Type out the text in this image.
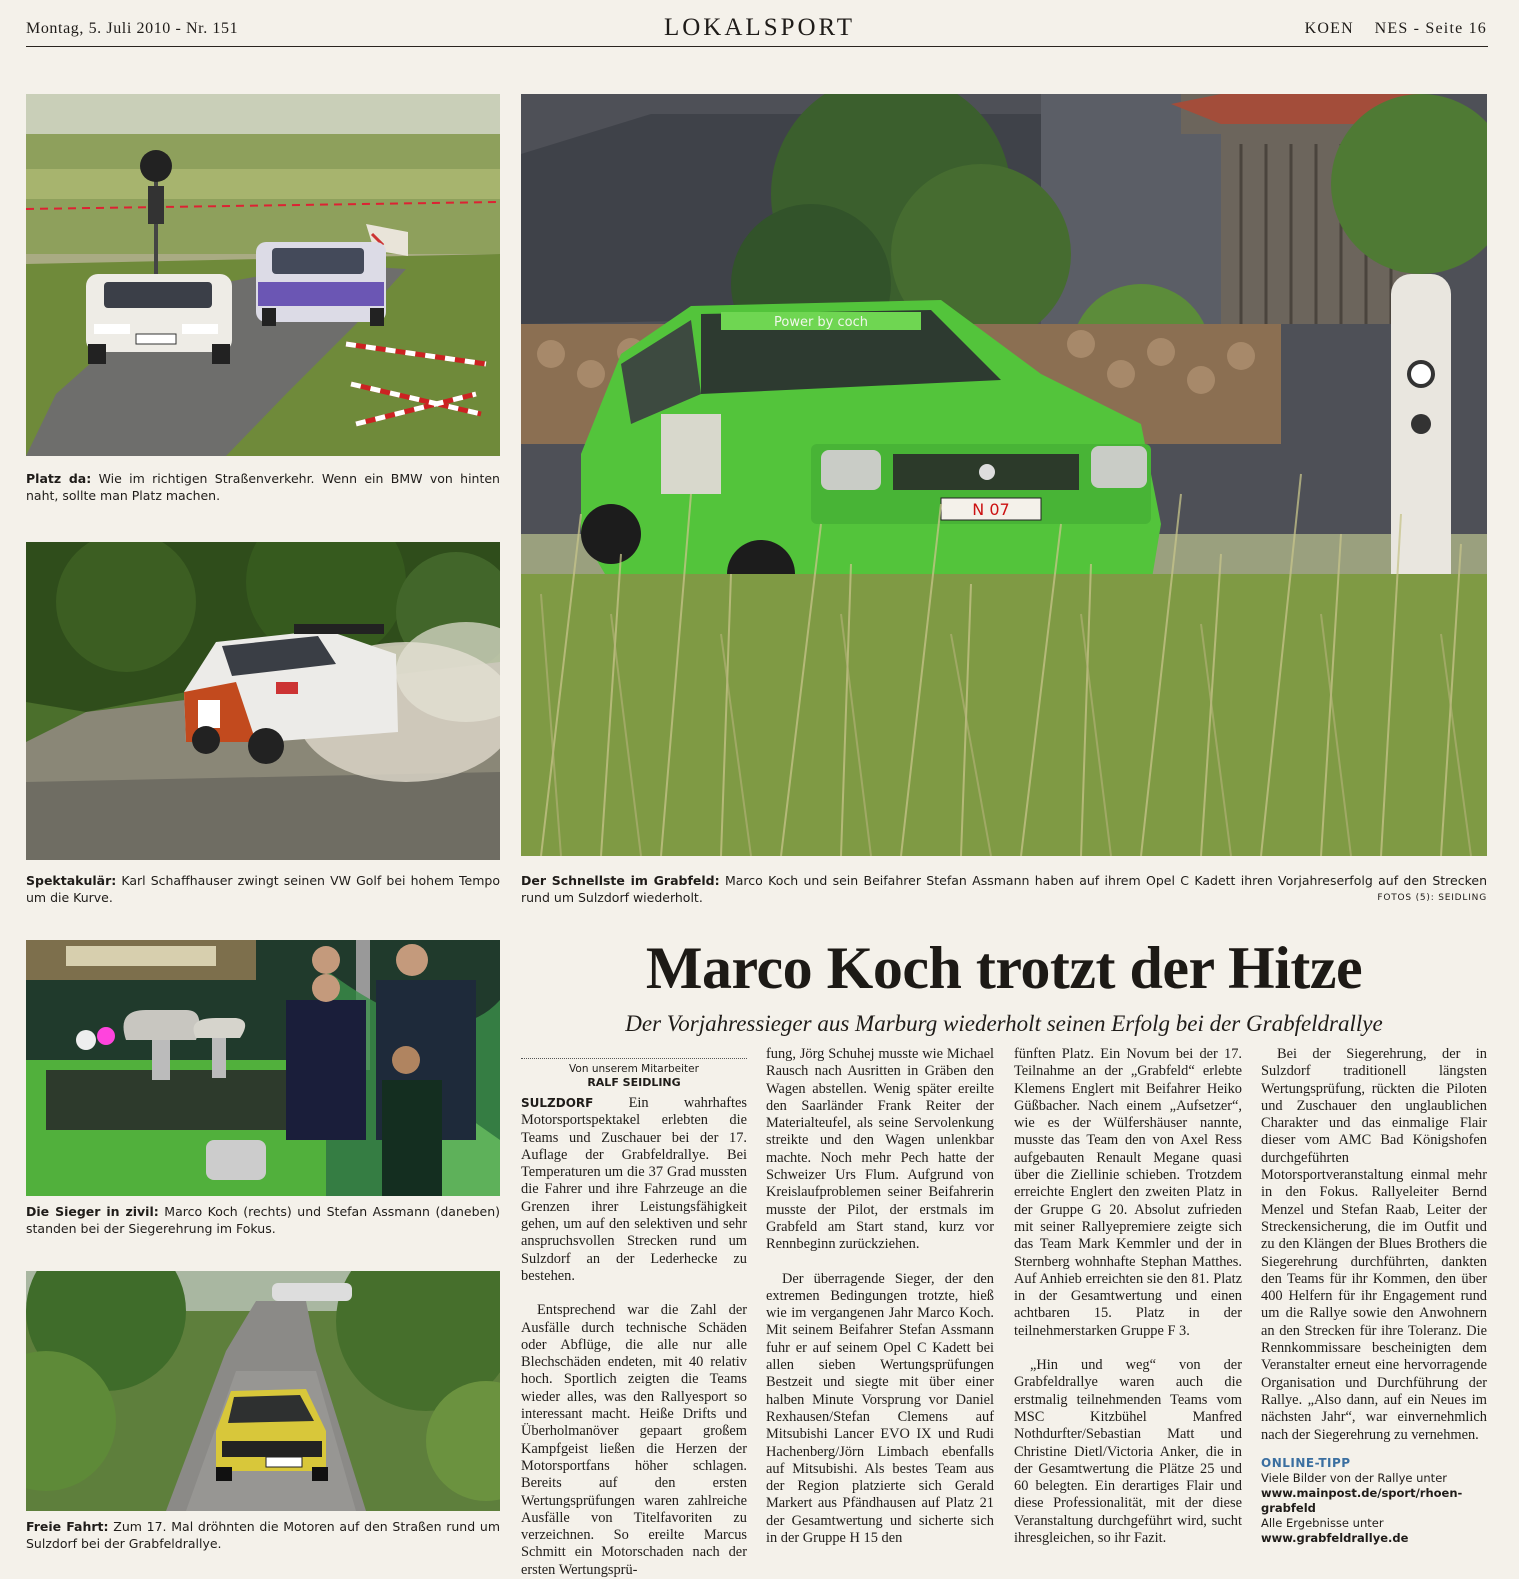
Montag, 5. Juli 2010 - Nr. 151	LOKALSPORT	KOEN    NES - Seite 16
Platz da: Wie im richtigen Straßenverkehr. Wenn ein BMW von hinten naht, sollte man Platz machen.
Spektakulär: Karl Schaffhauser zwingt seinen VW Golf bei hohem Tempo um die Kurve.
Power by coch
N 07
Der Schnellste im Grabfeld: Marco Koch und sein Beifahrer Stefan Assmann haben auf ihrem Opel C Kadett ihren Vorjahreserfolg auf den Strecken rund um Sulzdorf wiederholt.	FOTOS (5): SEIDLING
Die Sieger in zivil: Marco Koch (rechts) und Stefan Assmann (daneben) standen bei der Siegerehrung im Fokus.
Freie Fahrt: Zum 17. Mal dröhnten die Motoren auf den Straßen rund um Sulzdorf bei der Grabfeldrallye.
Marco Koch trotzt der Hitze
Der Vorjahressieger aus Marburg wiederholt seinen Erfolg bei der Grabfeldrallye
Von unserem Mitarbeiter
RALF SEIDLING

SULZDORF Ein wahrhaftes Motorsportspektakel erlebten die Teams und Zuschauer bei der 17. Auflage der Grabfeldrallye. Bei Temperaturen um die 37 Grad mussten die Fahrer und ihre Fahrzeuge an die Grenzen ihrer Leistungsfähigkeit gehen, um auf den selektiven und sehr anspruchsvollen Strecken rund um Sulzdorf an der Lederhecke zu bestehen.

Entsprechend war die Zahl der Ausfälle durch technische Schäden oder Abflüge, die alle nur alle Blechschäden endeten, mit 40 relativ hoch. Sportlich zeigten die Teams wieder alles, was den Rallyesport so interessant macht. Heiße Drifts und Überholmanöver gepaart großem Kampfgeist ließen die Herzen der Motorsportfans höher schlagen. Bereits auf den ersten Wertungsprüfungen waren zahlreiche Ausfälle von Titelfavoriten zu verzeichnen. So ereilte Marcus Schmitt ein Motorschaden nach der ersten Wertungsprü-

fung, Jörg Schuhej musste wie Michael Rausch nach Ausritten in Gräben den Wagen abstellen. Wenig später ereilte den Saarländer Frank Reiter der Materialteufel, als seine Servolenkung streikte und den Wagen unlenkbar machte. Noch mehr Pech hatte der Schweizer Urs Flum. Aufgrund von Kreislaufproblemen seiner Beifahrerin musste der Pilot, der erstmals im Grabfeld am Start stand, kurz vor Rennbeginn zurückziehen.

Der überragende Sieger, der den extremen Bedingungen trotzte, hieß wie im vergangenen Jahr Marco Koch. Mit seinem Beifahrer Stefan Assmann fuhr er auf seinem Opel C Kadett bei allen sieben Wertungsprüfungen Bestzeit und siegte mit über einer halben Minute Vorsprung vor Daniel Rexhausen/Stefan Clemens auf Mitsubishi Lancer EVO IX und Rudi Hachenberg/Jörn Limbach ebenfalls auf Mitsubishi. Als bestes Team aus der Region platzierte sich Gerald Markert aus Pfändhausen auf Platz 21 der Gesamtwertung und sicherte sich in der Gruppe H 15 den

fünften Platz. Ein Novum bei der 17. Teilnahme an der „Grabfeld“ erlebte Klemens Englert mit Beifahrer Heiko Güßbacher. Nach einem „Aufsetzer“, wie es der Wülfershäuser nannte, musste das Team den von Axel Ress aufgebauten Renault Megane quasi über die Ziellinie schieben. Trotzdem erreichte Englert den zweiten Platz in der Gruppe G 20. Absolut zufrieden mit seiner Rallyepremiere zeigte sich das Team Mark Kemmler und der in Sternberg wohnhafte Stephan Matthes. Auf Anhieb erreichten sie den 81. Platz in der Gesamtwertung und einen achtbaren 15. Platz in der teilnehmerstarken Gruppe F 3.

„Hin und weg“ von der Grabfeldrallye waren auch die erstmalig teilnehmenden Teams vom MSC Kitzbühel Manfred Nothdurfter/Sebastian Matt und Christine Dietl/Victoria Anker, die in der Gesamtwertung die Plätze 25 und 60 belegten. Ein derartiges Flair und diese Professionalität, mit der diese Veranstaltung durchgeführt wird, sucht ihresgleichen, so ihr Fazit.

Bei der Siegerehrung, der in Sulzdorf traditionell längsten Wertungsprüfung, rückten die Piloten und Zuschauer den unglaublichen Charakter und das einmalige Flair dieser vom AMC Bad Königshofen durchgeführten Motorsportveranstaltung einmal mehr in den Fokus. Rallyeleiter Bernd Menzel und Stefan Raab, Leiter der Streckensicherung, die im Outfit und zu den Klängen der Blues Brothers die Siegerehrung durchführten, dankten den Teams für ihr Kommen, den über 400 Helfern für ihr Engagement rund um die Rallye sowie den Anwohnern an den Strecken für ihre Toleranz. Die Rennkommissare bescheinigten dem Veranstalter erneut eine hervorragende Organisation und Durchführung der Rallye. „Also dann, auf ein Neues im nächsten Jahr“, war einvernehmlich nach der Siegerehrung zu vernehmen.

ONLINE-TIPP
Viele Bilder von der Rallye unter
www.mainpost.de/sport/rhoen-grabfeld
Alle Ergebnisse unter
www.grabfeldrallye.de
